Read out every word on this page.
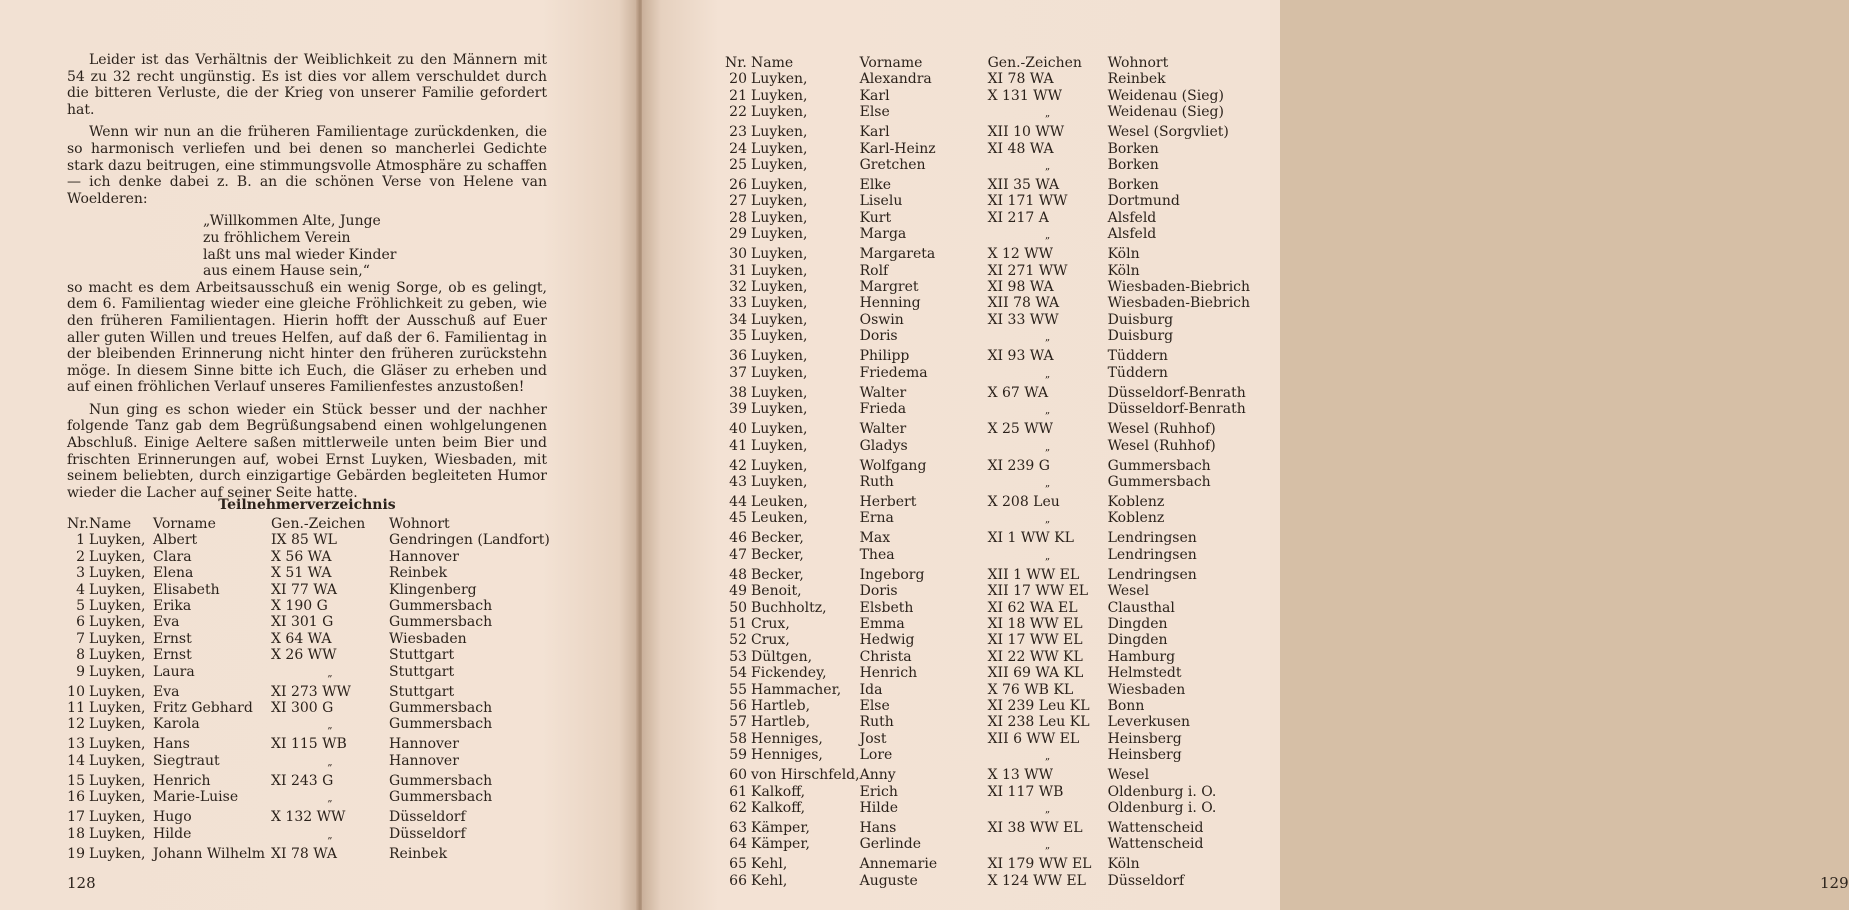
Leider ist das Verhältnis der Weiblichkeit zu den Männern mit 54 zu 32 recht ungünstig. Es ist dies vor allem verschuldet durch die bitteren Verluste, die der Krieg von unserer Familie gefordert hat.

Wenn wir nun an die früheren Familientage zurückdenken, die so harmonisch verliefen und bei denen so mancherlei Gedichte stark dazu beitrugen, eine stimmungsvolle Atmosphäre zu schaffen — ich denke dabei z. B. an die schönen Verse von Helene van Woelderen:

„Willkommen Alte, Junge
zu fröhlichem Verein
laßt uns mal wieder Kinder
aus einem Hause sein,“

so macht es dem Arbeitsausschuß ein wenig Sorge, ob es gelingt, dem 6. Familientag wieder eine gleiche Fröhlichkeit zu geben, wie den früheren Familientagen. Hierin hofft der Ausschuß auf Euer aller guten Willen und treues Helfen, auf daß der 6. Familientag in der bleibenden Erinnerung nicht hinter den früheren zurückstehn möge. In diesem Sinne bitte ich Euch, die Gläser zu erheben und auf einen fröhlichen Verlauf unseres Familienfestes anzustoßen!

Nun ging es schon wieder ein Stück besser und der nachher folgende Tanz gab dem Begrüßungsabend einen wohlgelungenen Abschluß. Einige Aeltere saßen mittlerweile unten beim Bier und frischten Erinnerungen auf, wobei Ernst Luyken, Wiesbaden, mit seinem beliebten, durch einzigartige Gebärden begleiteten Humor wieder die Lacher auf seiner Seite hatte.

Teilnehmerverzeichnis
Nr.	Name	Vorname	Gen.-Zeichen	Wohnort
1	Luyken,	Albert	IX 85 WL	Gendringen (Landfort)
2	Luyken,	Clara	X 56 WA	Hannover
3	Luyken,	Elena	X 51 WA	Reinbek
4	Luyken,	Elisabeth	XI 77 WA	Klingenberg
5	Luyken,	Erika	X 190 G	Gummersbach
6	Luyken,	Eva	XI 301 G	Gummersbach
7	Luyken,	Ernst	X 64 WA	Wiesbaden
8	Luyken,	Ernst	X 26 WW	Stuttgart
9	Luyken,	Laura	„	Stuttgart
10	Luyken,	Eva	XI 273 WW	Stuttgart
11	Luyken,	Fritz Gebhard	XI 300 G	Gummersbach
12	Luyken,	Karola	„	Gummersbach
13	Luyken,	Hans	XI 115 WB	Hannover
14	Luyken,	Siegtraut	„	Hannover
15	Luyken,	Henrich	XI 243 G	Gummersbach
16	Luyken,	Marie-Luise	„	Gummersbach
17	Luyken,	Hugo	X 132 WW	Düsseldorf
18	Luyken,	Hilde	„	Düsseldorf
19	Luyken,	Johann Wilhelm	XI 78 WA	Reinbek
128
Nr.	Name	Vorname	Gen.-Zeichen	Wohnort
20	Luyken,	Alexandra	XI 78 WA	Reinbek
21	Luyken,	Karl	X 131 WW	Weidenau (Sieg)
22	Luyken,	Else	„	Weidenau (Sieg)
23	Luyken,	Karl	XII 10 WW	Wesel (Sorgvliet)
24	Luyken,	Karl-Heinz	XI 48 WA	Borken
25	Luyken,	Gretchen	„	Borken
26	Luyken,	Elke	XII 35 WA	Borken
27	Luyken,	Liselu	XI 171 WW	Dortmund
28	Luyken,	Kurt	XI 217 A	Alsfeld
29	Luyken,	Marga	„	Alsfeld
30	Luyken,	Margareta	X 12 WW	Köln
31	Luyken,	Rolf	XI 271 WW	Köln
32	Luyken,	Margret	XI 98 WA	Wiesbaden-Biebrich
33	Luyken,	Henning	XII 78 WA	Wiesbaden-Biebrich
34	Luyken,	Oswin	XI 33 WW	Duisburg
35	Luyken,	Doris	„	Duisburg
36	Luyken,	Philipp	XI 93 WA	Tüddern
37	Luyken,	Friedema	„	Tüddern
38	Luyken,	Walter	X 67 WA	Düsseldorf-Benrath
39	Luyken,	Frieda	„	Düsseldorf-Benrath
40	Luyken,	Walter	X 25 WW	Wesel (Ruhhof)
41	Luyken,	Gladys	„	Wesel (Ruhhof)
42	Luyken,	Wolfgang	XI 239 G	Gummersbach
43	Luyken,	Ruth	„	Gummersbach
44	Leuken,	Herbert	X 208 Leu	Koblenz
45	Leuken,	Erna	„	Koblenz
46	Becker,	Max	XI 1 WW KL	Lendringsen
47	Becker,	Thea	„	Lendringsen
48	Becker,	Ingeborg	XII 1 WW EL	Lendringsen
49	Benoit,	Doris	XII 17 WW EL	Wesel
50	Buchholtz,	Elsbeth	XI 62 WA EL	Clausthal
51	Crux,	Emma	XI 18 WW EL	Dingden
52	Crux,	Hedwig	XI 17 WW EL	Dingden
53	Dültgen,	Christa	XI 22 WW KL	Hamburg
54	Fickendey,	Henrich	XII 69 WA KL	Helmstedt
55	Hammacher,	Ida	X 76 WB KL	Wiesbaden
56	Hartleb,	Else	XI 239 Leu KL	Bonn
57	Hartleb,	Ruth	XI 238 Leu KL	Leverkusen
58	Henniges,	Jost	XII 6 WW EL	Heinsberg
59	Henniges,	Lore	„	Heinsberg
60	von Hirschfeld,	Anny	X 13 WW	Wesel
61	Kalkoff,	Erich	XI 117 WB	Oldenburg i. O.
62	Kalkoff,	Hilde	„	Oldenburg i. O.
63	Kämper,	Hans	XI 38 WW EL	Wattenscheid
64	Kämper,	Gerlinde	„	Wattenscheid
65	Kehl,	Annemarie	XI 179 WW EL	Köln
66	Kehl,	Auguste	X 124 WW EL	Düsseldorf	129
